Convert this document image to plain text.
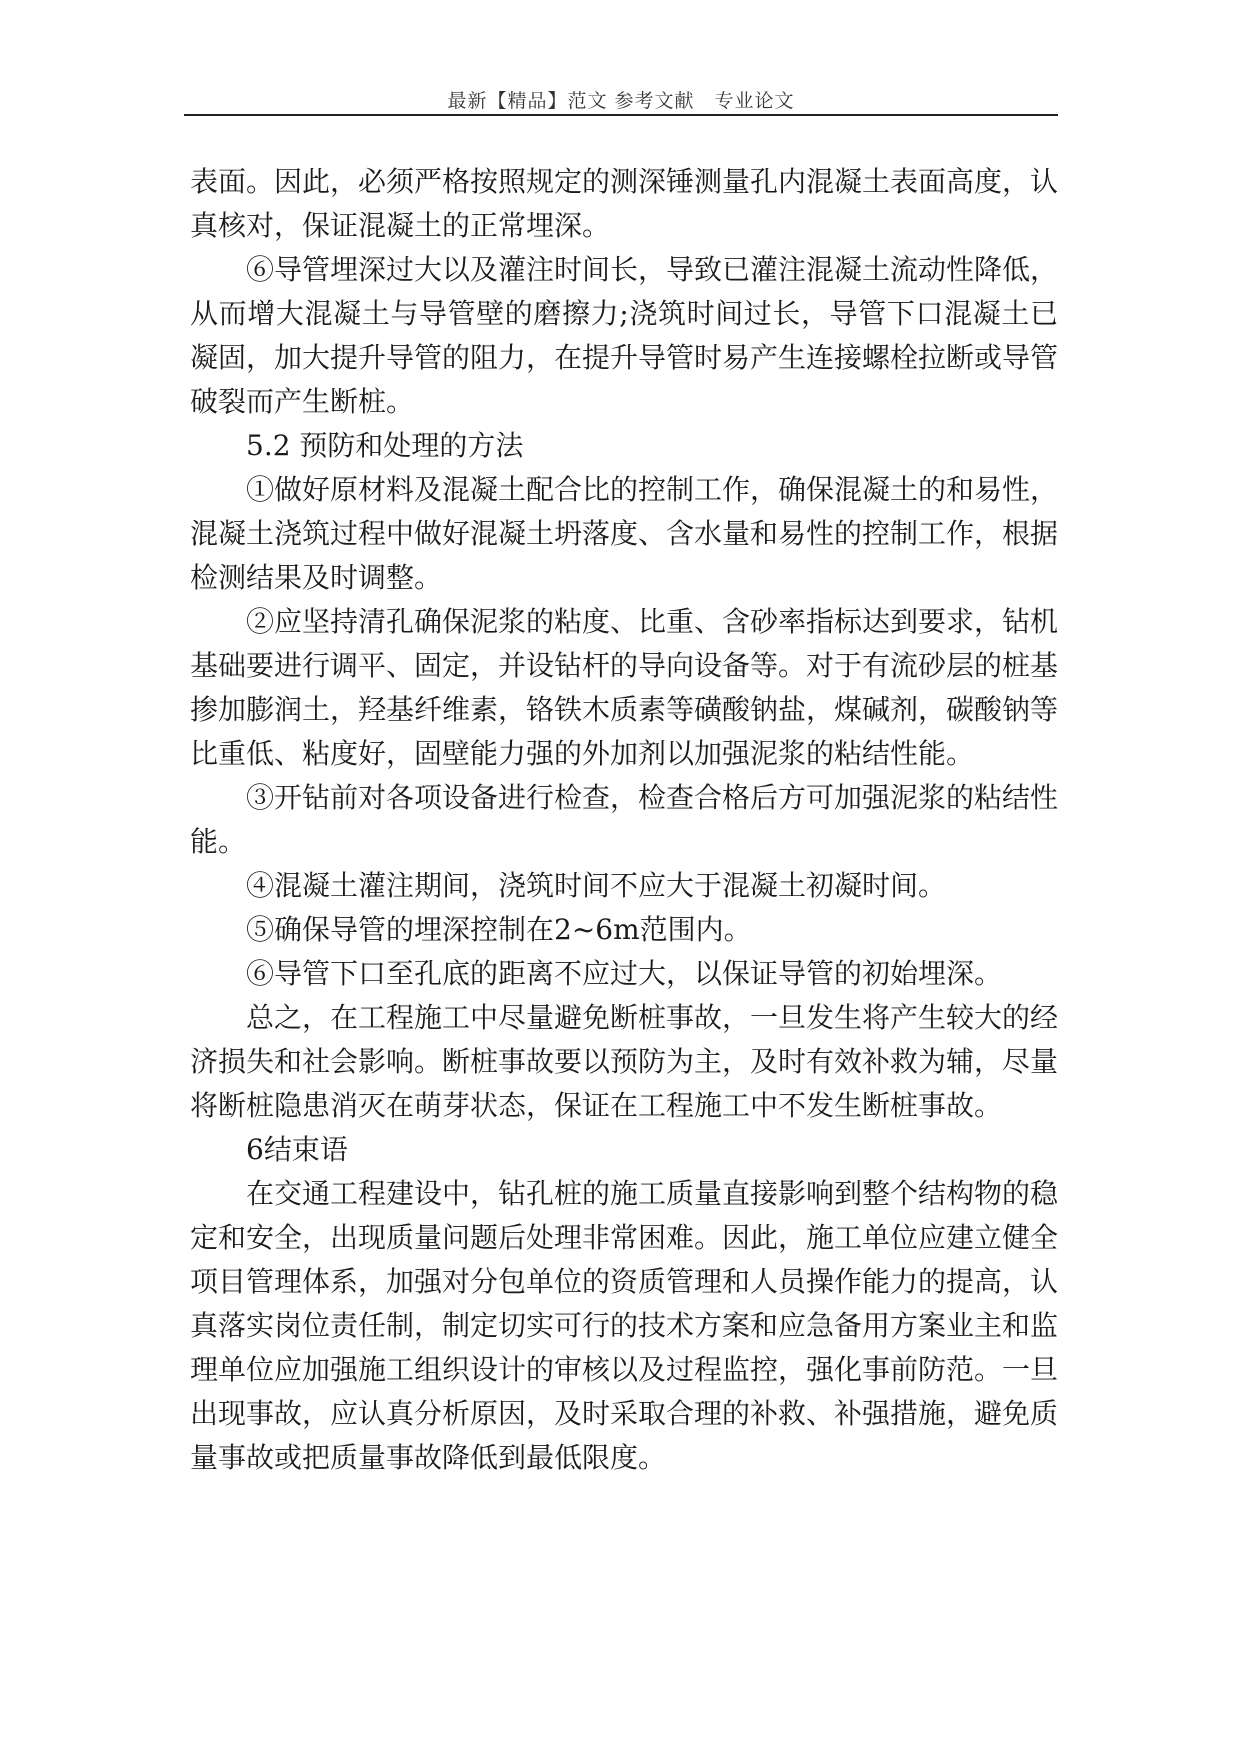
最新【精品】范文 参考文献　专业论文

表面。因此，必须严格按照规定的测深锤测量孔内混凝土表面高度，认真核对，保证混凝土的正常埋深。

⑥导管埋深过大以及灌注时间长，导致已灌注混凝土流动性降低，从而增大混凝土与导管壁的磨擦力;浇筑时间过长，导管下口混凝土已凝固，加大提升导管的阻力，在提升导管时易产生连接螺栓拉断或导管破裂而产生断桩。

5.2 预防和处理的方法

①做好原材料及混凝土配合比的控制工作，确保混凝土的和易性，混凝土浇筑过程中做好混凝土坍落度、含水量和易性的控制工作，根据检测结果及时调整。

②应坚持清孔确保泥浆的粘度、比重、含砂率指标达到要求，钻机基础要进行调平、固定，并设钻杆的导向设备等。对于有流砂层的桩基掺加膨润土，羟基纤维素，铬铁木质素等磺酸钠盐，煤碱剂，碳酸钠等比重低、粘度好，固壁能力强的外加剂以加强泥浆的粘结性能。

③开钻前对各项设备进行检查，检查合格后方可加强泥浆的粘结性能。

④混凝土灌注期间，浇筑时间不应大于混凝土初凝时间。

⑤确保导管的埋深控制在2~6m范围内。

⑥导管下口至孔底的距离不应过大，以保证导管的初始埋深。

总之，在工程施工中尽量避免断桩事故，一旦发生将产生较大的经济损失和社会影响。断桩事故要以预防为主，及时有效补救为辅，尽量将断桩隐患消灭在萌芽状态，保证在工程施工中不发生断桩事故。

6结束语

在交通工程建设中，钻孔桩的施工质量直接影响到整个结构物的稳定和安全，出现质量问题后处理非常困难。因此，施工单位应建立健全项目管理体系，加强对分包单位的资质管理和人员操作能力的提高，认真落实岗位责任制，制定切实可行的技术方案和应急备用方案业主和监理单位应加强施工组织设计的审核以及过程监控，强化事前防范。一旦出现事故，应认真分析原因，及时采取合理的补救、补强措施，避免质量事故或把质量事故降低到最低限度。
